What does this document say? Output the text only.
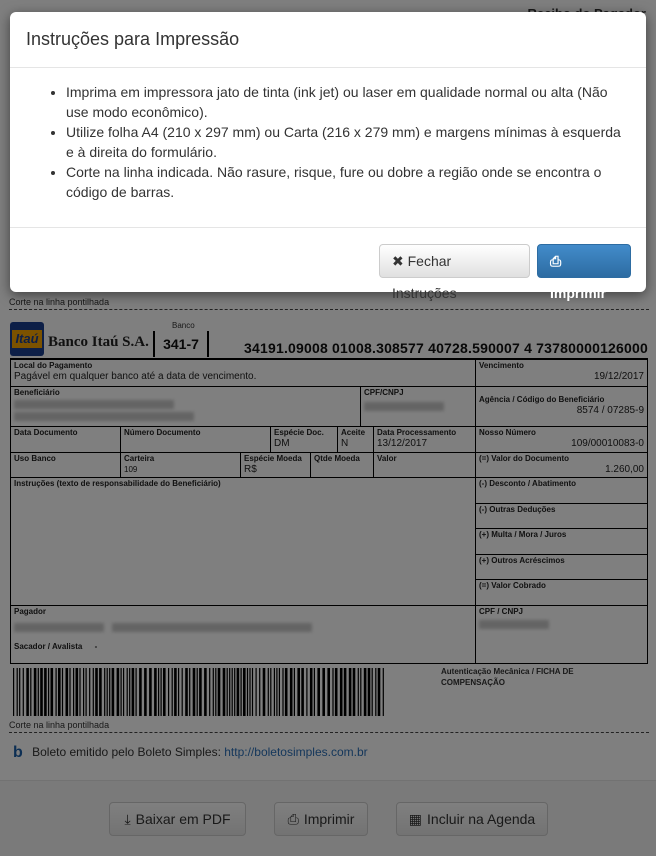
Instruções para Impressão
• Imprima em impressora jato de tinta (ink jet) ou laser em qualidade normal ou alta (Não use modo econômico).
• Utilize folha A4 (210 x 297 mm) ou Carta (216 x 279 mm) e margens mínimas à esquerda e à direita do formulário.
• Corte na linha indicada. Não rasure, risque, fure ou dobre a região onde se encontra o código de barras.
✖ Fechar Instruções
⎙ Imprimir
